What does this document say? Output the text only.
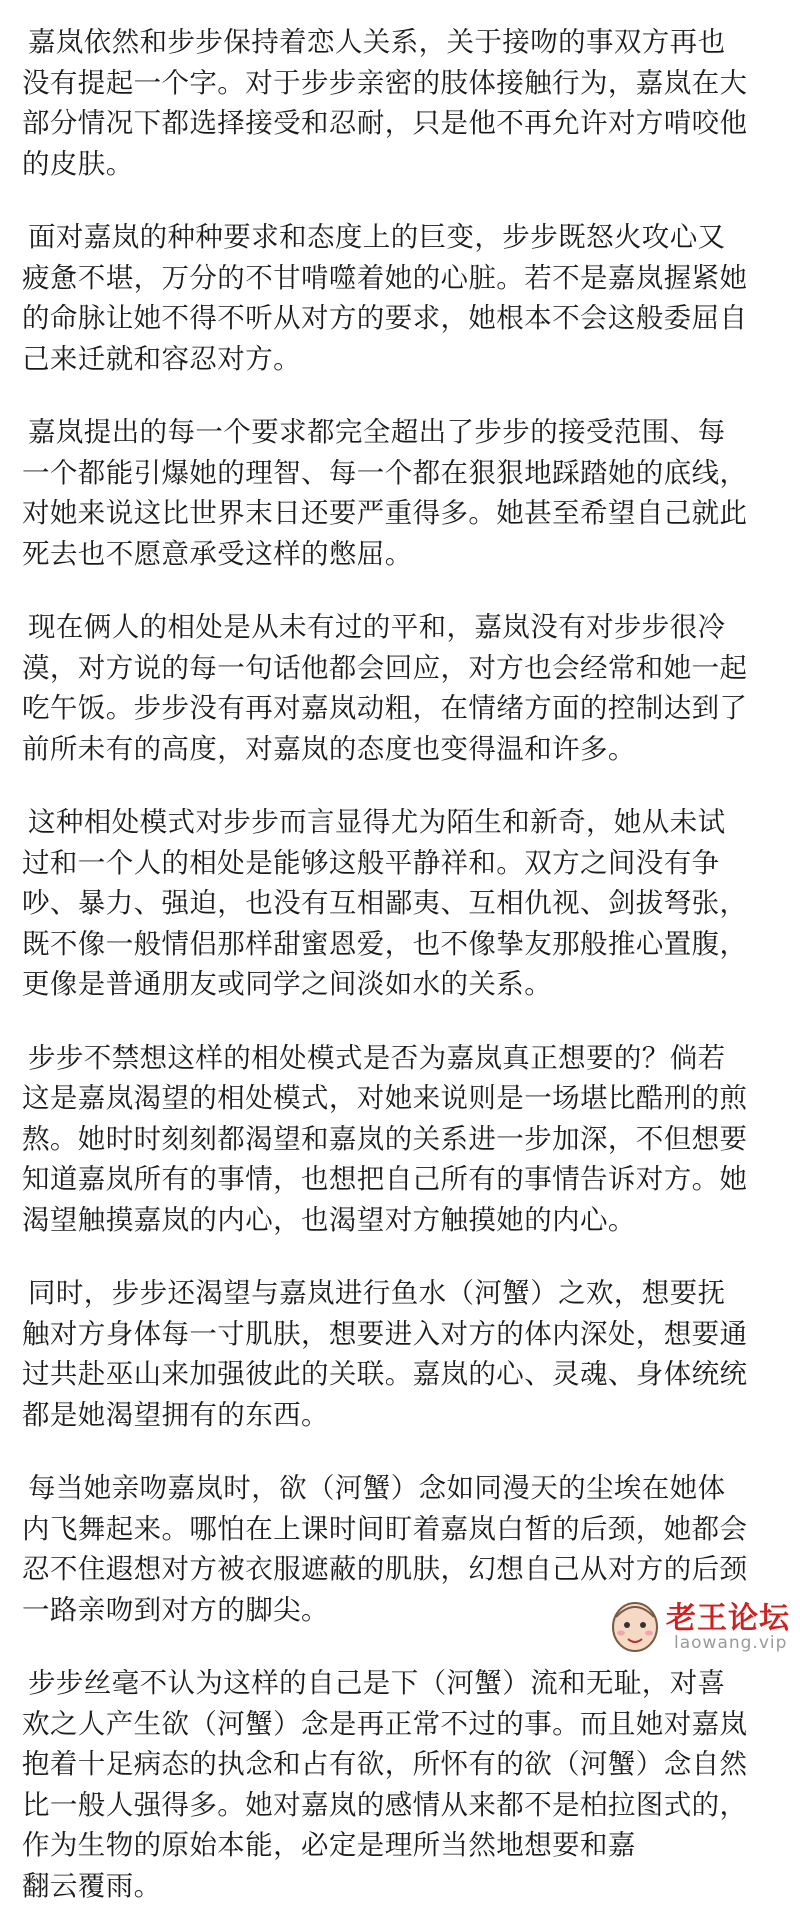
嘉岚依然和步步保持着恋人关系，关于接吻的事双方再也
没有提起一个字。对于步步亲密的肢体接触行为，嘉岚在大
部分情况下都选择接受和忍耐，只是他不再允许对方啃咬他
的皮肤。

面对嘉岚的种种要求和态度上的巨变，步步既怒火攻心又
疲惫不堪，万分的不甘啃噬着她的心脏。若不是嘉岚握紧她
的命脉让她不得不听从对方的要求，她根本不会这般委屈自
己来迁就和容忍对方。

嘉岚提出的每一个要求都完全超出了步步的接受范围、每
一个都能引爆她的理智、每一个都在狠狠地踩踏她的底线，
对她来说这比世界末日还要严重得多。她甚至希望自己就此
死去也不愿意承受这样的憋屈。

现在俩人的相处是从未有过的平和，嘉岚没有对步步很冷
漠，对方说的每一句话他都会回应，对方也会经常和她一起
吃午饭。步步没有再对嘉岚动粗，在情绪方面的控制达到了
前所未有的高度，对嘉岚的态度也变得温和许多。

这种相处模式对步步而言显得尤为陌生和新奇，她从未试
过和一个人的相处是能够这般平静祥和。双方之间没有争
吵、暴力、强迫，也没有互相鄙夷、互相仇视、剑拔弩张，
既不像一般情侣那样甜蜜恩爱，也不像挚友那般推心置腹，
更像是普通朋友或同学之间淡如水的关系。

步步不禁想这样的相处模式是否为嘉岚真正想要的？倘若
这是嘉岚渴望的相处模式，对她来说则是一场堪比酷刑的煎
熬。她时时刻刻都渴望和嘉岚的关系进一步加深，不但想要
知道嘉岚所有的事情，也想把自己所有的事情告诉对方。她
渴望触摸嘉岚的内心，也渴望对方触摸她的内心。

同时，步步还渴望与嘉岚进行鱼水（河蟹）之欢，想要抚
触对方身体每一寸肌肤，想要进入对方的体内深处，想要通
过共赴巫山来加强彼此的关联。嘉岚的心、灵魂、身体统统
都是她渴望拥有的东西。

每当她亲吻嘉岚时，欲（河蟹）念如同漫天的尘埃在她体
内飞舞起来。哪怕在上课时间盯着嘉岚白皙的后颈，她都会
忍不住遐想对方被衣服遮蔽的肌肤，幻想自己从对方的后颈
一路亲吻到对方的脚尖。

步步丝毫不认为这样的自己是下（河蟹）流和无耻，对喜
欢之人产生欲（河蟹）念是再正常不过的事。而且她对嘉岚
抱着十足病态的执念和占有欲，所怀有的欲（河蟹）念自然
比一般人强得多。她对嘉岚的感情从来都不是柏拉图式的，
作为生物的原始本能，必定是理所当然地想要和嘉
翻云覆雨。

老王论坛
laowang.vip
